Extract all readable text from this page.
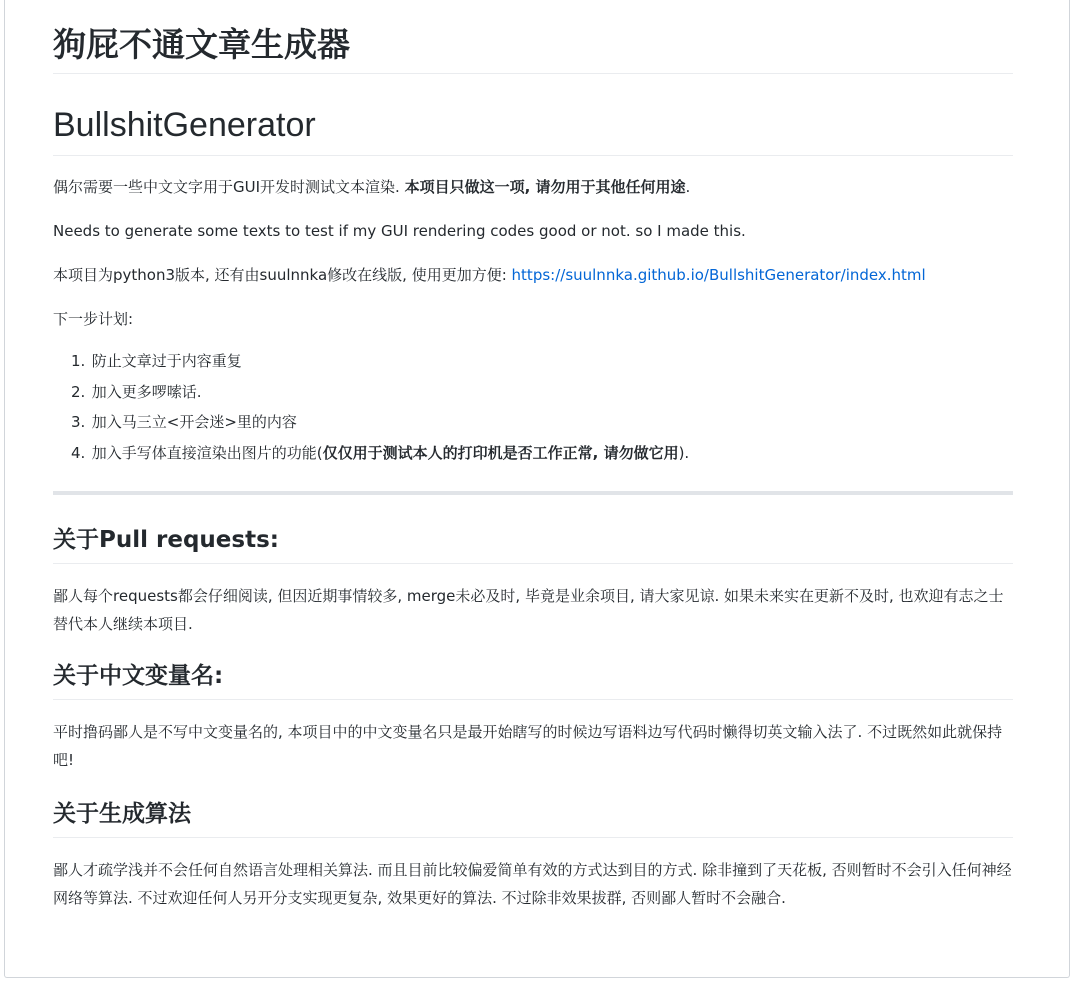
狗屁不通文章生成器
BullshitGenerator
偶尔需要一些中文文字用于GUI开发时测试文本渲染. 本项目只做这一项, 请勿用于其他任何用途.
Needs to generate some texts to test if my GUI rendering codes good or not. so I made this.
本项目为python3版本, 还有由suulnnka修改在线版, 使用更加方便: https://suulnnka.github.io/BullshitGenerator/index.html
下一步计划:
1. 防止文章过于内容重复
2. 加入更多啰嗦话.
3. 加入马三立<开会迷>里的内容
4. 加入手写体直接渲染出图片的功能(仅仅用于测试本人的打印机是否工作正常, 请勿做它用).
关于Pull requests:
鄙人每个requests都会仔细阅读, 但因近期事情较多, merge未必及时, 毕竟是业余项目, 请大家见谅. 如果未来实在更新不及时, 也欢迎有志之士替代本人继续本项目.
关于中文变量名:
平时撸码鄙人是不写中文变量名的, 本项目中的中文变量名只是最开始瞎写的时候边写语料边写代码时懒得切英文输入法了. 不过既然如此就保持吧!
关于生成算法
鄙人才疏学浅并不会任何自然语言处理相关算法. 而且目前比较偏爱简单有效的方式达到目的方式. 除非撞到了天花板, 否则暂时不会引入任何神经网络等算法. 不过欢迎任何人另开分支实现更复杂, 效果更好的算法. 不过除非效果拔群, 否则鄙人暂时不会融合.
